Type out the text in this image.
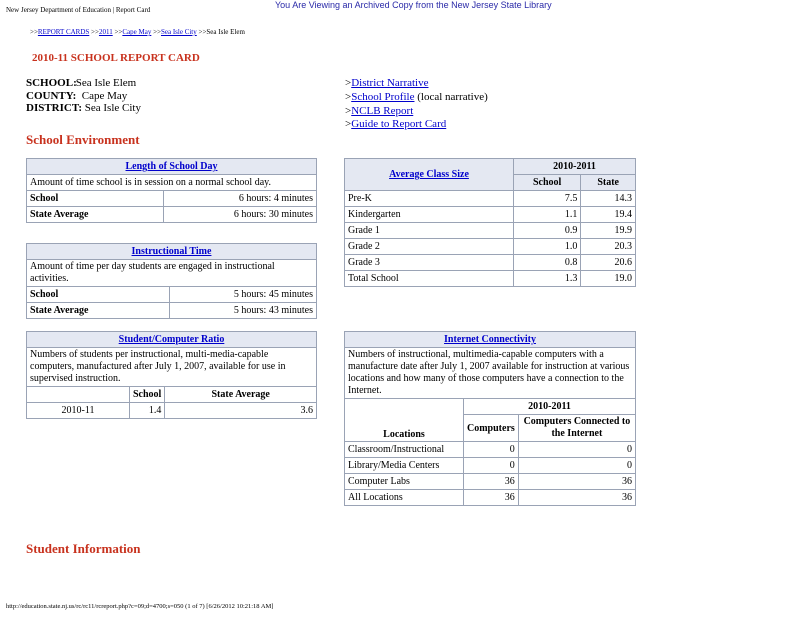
New Jersey Department of Education | Report Card	You Are Viewing an Archived Copy from the New Jersey State Library
>>REPORT CARDS >>2011 >>Cape May >>Sea Isle City >>Sea Isle Elem
2010-11 SCHOOL REPORT CARD
SCHOOL: Sea Isle Elem
COUNTY: Cape May
DISTRICT: Sea Isle City
>District Narrative
>School Profile (local narrative)
>NCLB Report
>Guide to Report Card
School Environment
Length of School Day	
Amount of time school is in session on a normal school day.	
School	6 hours: 4 minutes
State Average	6 hours: 30 minutes
Instructional Time	
Amount of time per day students are engaged in instructional activities.	
School	5 hours: 45 minutes
State Average	5 hours: 43 minutes
Student/Computer Ratio		
Numbers of students per instructional, multi-media-capable computers, manufactured after July 1, 2007, available for use in supervised instruction.		
	School	State Average
2010-11	1.4	3.6
Average Class Size	2010-2011	
	School	State
Pre-K	7.5	14.3
Kindergarten	1.1	19.4
Grade 1	0.9	19.9
Grade 2	1.0	20.3
Grade 3	0.8	20.6
Total School	1.3	19.0
Internet Connectivity		
Numbers of instructional, multimedia-capable computers with a manufacture date after July 1, 2007 available for instruction at various locations and how many of those computers have a connection to the Internet.		
Locations	2010-2011	
	Computers	Computers Connected to the Internet
Classroom/Instructional	0	0
Library/Media Centers	0	0
Computer Labs	36	36
All Locations	36	36
Student Information
http://education.state.nj.us/rc/rc11/rcreport.php?c=09;d=4700;s=050 (1 of 7) [6/26/2012 10:21:18 AM]
